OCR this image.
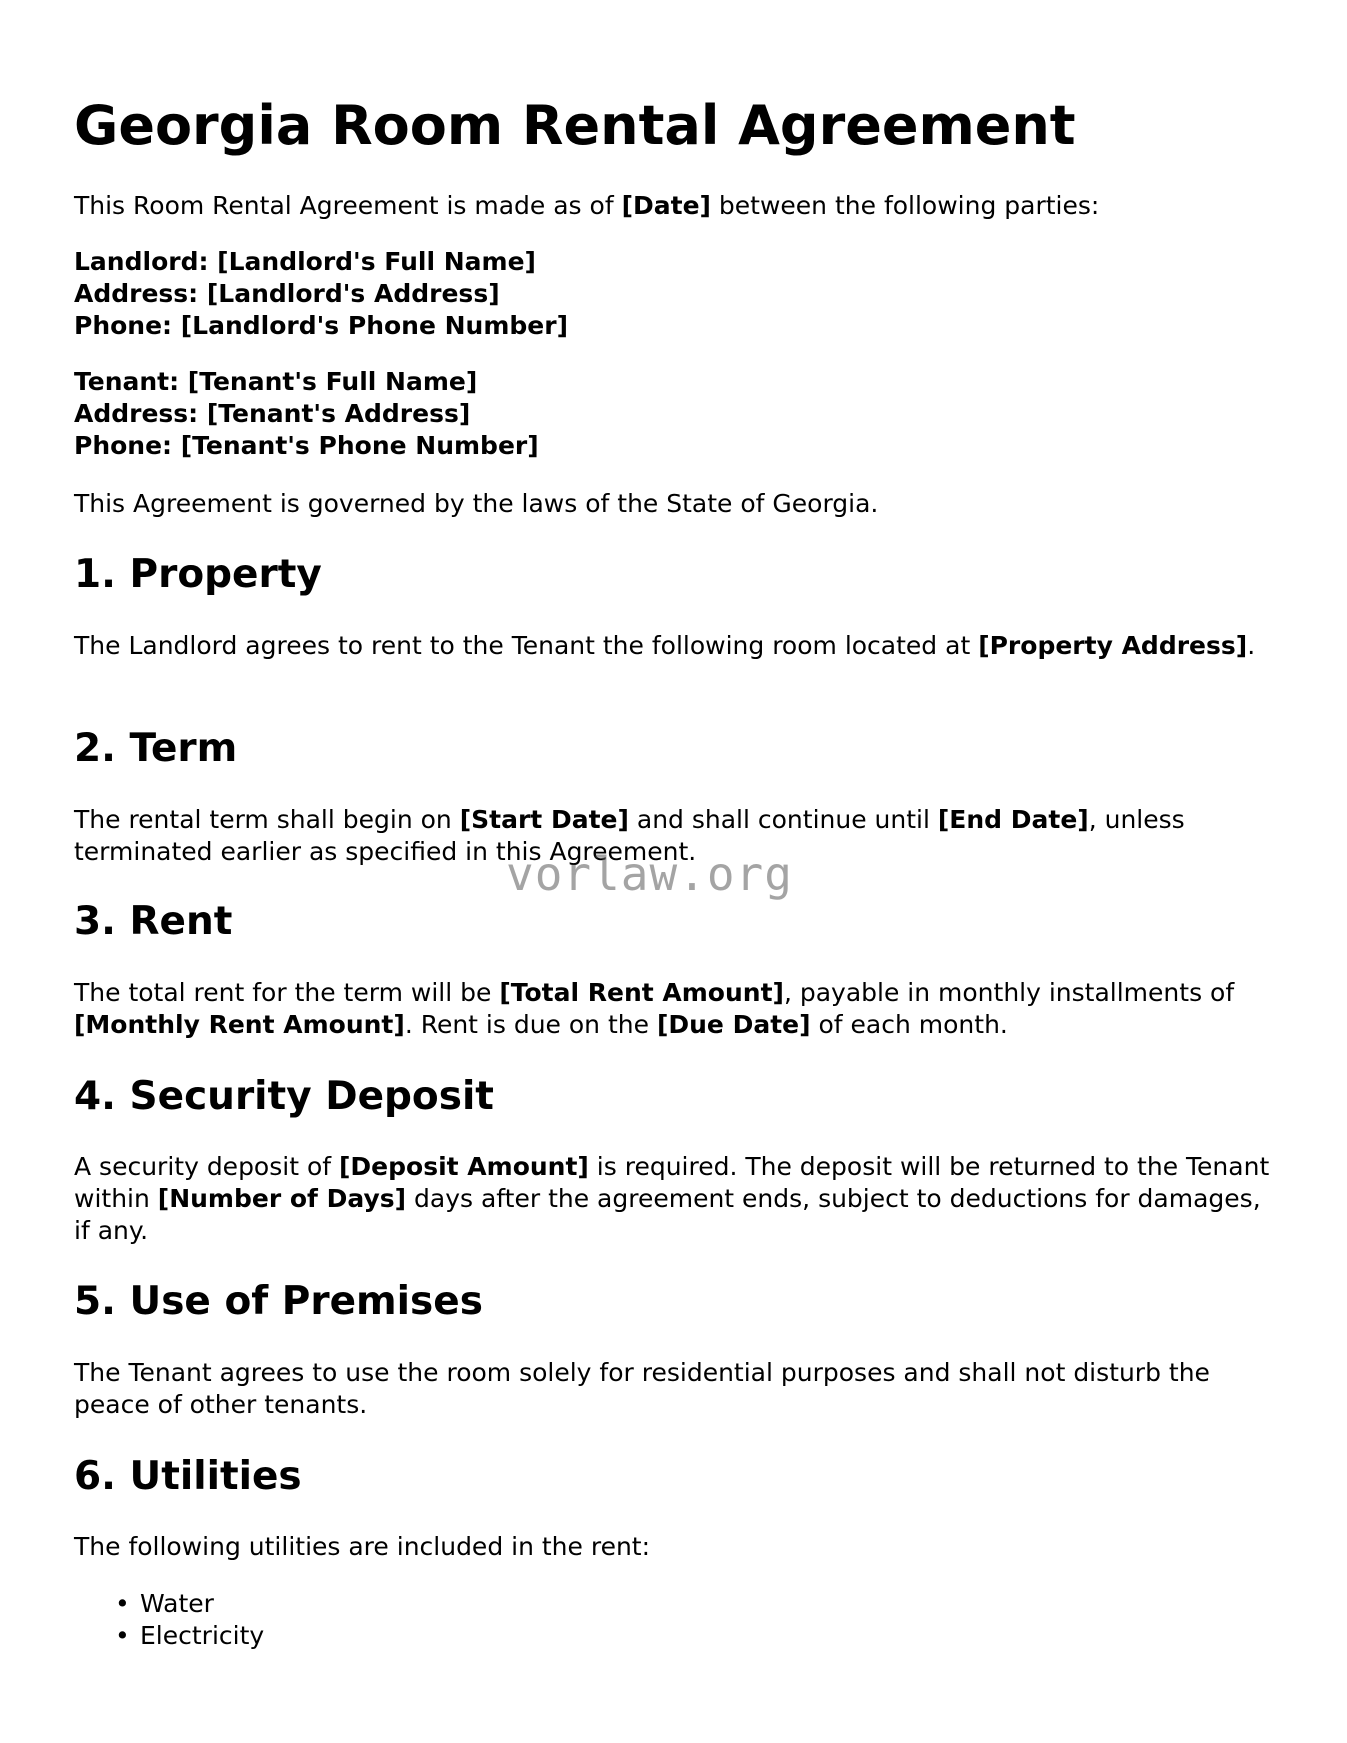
Georgia Room Rental Agreement

This Room Rental Agreement is made as of [Date] between the following parties:

Landlord: [Landlord's Full Name]
Address: [Landlord's Address]
Phone: [Landlord's Phone Number]
Tenant: [Tenant's Full Name]
Address: [Tenant's Address]
Phone: [Tenant's Phone Number]

This Agreement is governed by the laws of the State of Georgia.

1. Property

The Landlord agrees to rent to the Tenant the following room located at [Property Address].

2. Term

The rental term shall begin on [Start Date] and shall continue until [End Date], unless terminated earlier as specified in this Agreement.

3. Rent

The total rent for the term will be [Total Rent Amount], payable in monthly installments of [Monthly Rent Amount]. Rent is due on the [Due Date] of each month.

4. Security Deposit

A security deposit of [Deposit Amount] is required. The deposit will be returned to the Tenant within [Number of Days] days after the agreement ends, subject to deductions for damages, if any.

5. Use of Premises

The Tenant agrees to use the room solely for residential purposes and shall not disturb the peace of other tenants.

6. Utilities

The following utilities are included in the rent:

• Water
• Electricity
vorlaw.org
